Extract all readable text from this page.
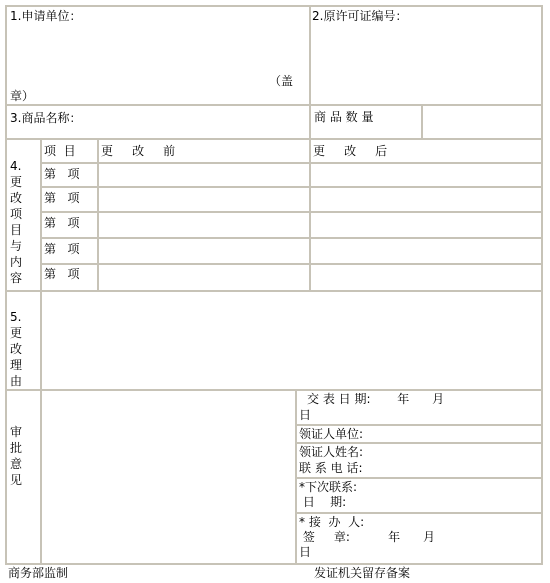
1.申请单位：
（盖
章）
2.原许可证编号：
3.商品名称：	商 品 数 量
4.更改项目与内容
项  目 更     改     前	更     改     后
第   项
第   项
第   项
第   项
第   项
5.更改理由
审批意见
交 表 日 期:       年      月
日
领证人单位:
领证人姓名:
联 系 电 话:
*下次联系:
日    期:
* 接  办  人:
签     章:          年      月
日
商务部监制	发证机关留存备案
